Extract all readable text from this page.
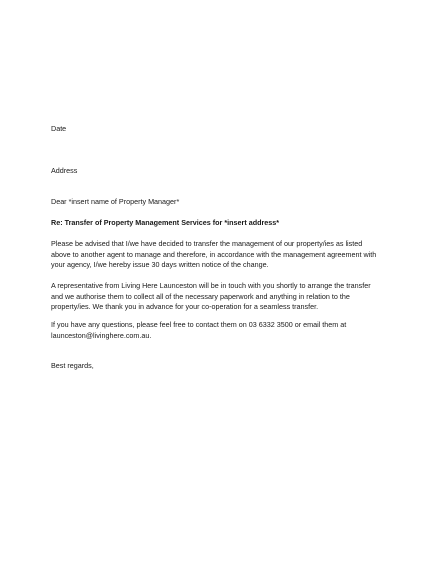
Date

Address

Dear *insert name of Property Manager*

Re: Transfer of Property Management Services for *insert address*

Please be advised that I/we have decided to transfer the management of our property/ies as listed

above to another agent to manage and therefore, in accordance with the management agreement with

your agency, I/we hereby issue 30 days written notice of the change.

A representative from Living Here Launceston will be in touch with you shortly to arrange the transfer

and we authorise them to collect all of the necessary paperwork and anything in relation to the

property/ies. We thank you in advance for your co-operation for a seamless transfer.

If you have any questions, please feel free to contact them on 03 6332 3500 or email them at

launceston@livinghere.com.au.

Best regards,
